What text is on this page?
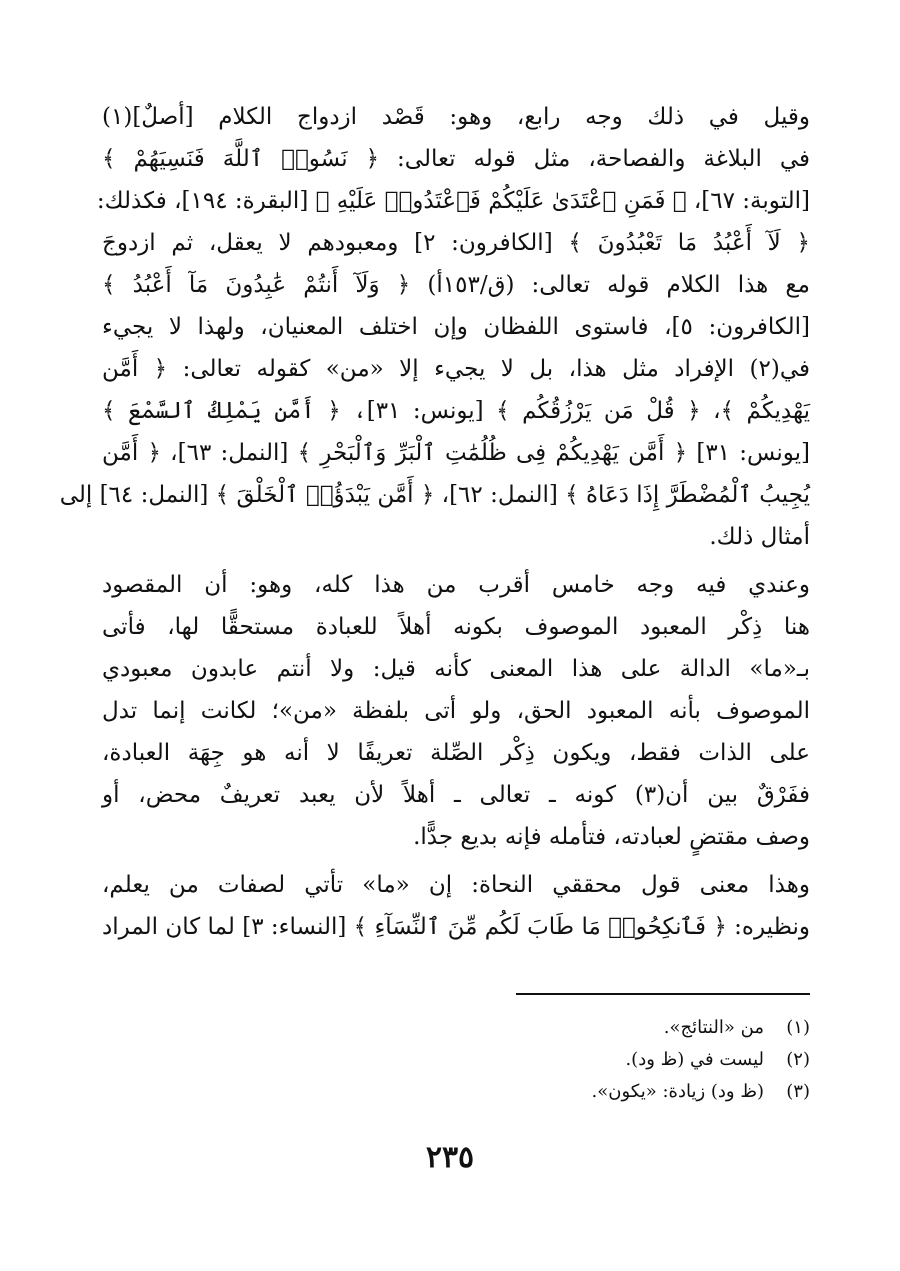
وقيل في ذلك وجه رابع، وهو: قَصْد ازدواج الكلام [أصلٌ](١)
في البلاغة والفصاحة، مثل قوله تعالى: ﴿ نَسُوا۟ ٱللَّهَ فَنَسِيَهُمْ ﴾
[التوبة: ٦٧]، ﴿ فَمَنِ ٱعْتَدَىٰ عَلَيْكُمْ فَٱعْتَدُوا۟ عَلَيْهِ ﴾ [البقرة: ١٩٤]، فكذلك:
﴿ لَآ أَعْبُدُ مَا تَعْبُدُونَ ﴾ [الكافرون: ٢] ومعبودهم لا يعقل، ثم ازدوجَ
مع هذا الكلام قوله تعالى: (ق/١٥٣أ) ﴿ وَلَآ أَنتُمْ عَٰبِدُونَ مَآ أَعْبُدُ ﴾
[الكافرون: ٥]، فاستوى اللفظان وإن اختلف المعنيان، ولهذا لا يجيء
في(٢) الإفراد مثل هذا، بل لا يجيء إلا «من» كقوله تعالى: ﴿ أَمَّن
يَهْدِيكُمْ ﴾، ﴿ قُلْ مَن يَرْزُقُكُم ﴾ [يونس: ٣١]، ﴿ أَمَّن يَمْلِكُ ٱلسَّمْعَ ﴾
[يونس: ٣١] ﴿ أَمَّن يَهْدِيكُمْ فِى ظُلُمَٰتِ ٱلْبَرِّ وَٱلْبَحْرِ ﴾ [النمل: ٦٣]، ﴿ أَمَّن
يُجِيبُ ٱلْمُضْطَرَّ إِذَا دَعَاهُ ﴾ [النمل: ٦٢]، ﴿ أَمَّن يَبْدَؤُا۟ ٱلْخَلْقَ ﴾ [النمل: ٦٤] إلى
أمثال ذلك.

وعندي فيه وجه خامس أقرب من هذا كله، وهو: أن المقصود
هنا ذِكْر المعبود الموصوف بكونه أهلاً للعبادة مستحقًّا لها، فأتى
بـ«ما» الدالة على هذا المعنى كأنه قيل: ولا أنتم عابدون معبودي
الموصوف بأنه المعبود الحق، ولو أتى بلفظة «من»؛ لكانت إنما تدل
على الذات فقط، ويكون ذِكْر الصِّلة تعريفًا لا أنه هو جِهَة العبادة،
ففَرْقٌ بين أن(٣) كونه ـ تعالى ـ أهلاً لأن يعبد تعريفٌ محض، أو
وصف مقتضٍ لعبادته، فتأمله فإنه بديع جدًّا.

وهذا معنى قول محققي النحاة: إن «ما» تأتي لصفات من يعلم،
ونظيره: ﴿ فَٱنكِحُوا۟ مَا طَابَ لَكُم مِّنَ ٱلنِّسَآءِ ﴾ [النساء: ٣] لما كان المراد

(١)من «النتائج».
(٢)ليست في (ظ ود).
(٣)(ظ ود) زيادة: «يكون».
٢٣٥
